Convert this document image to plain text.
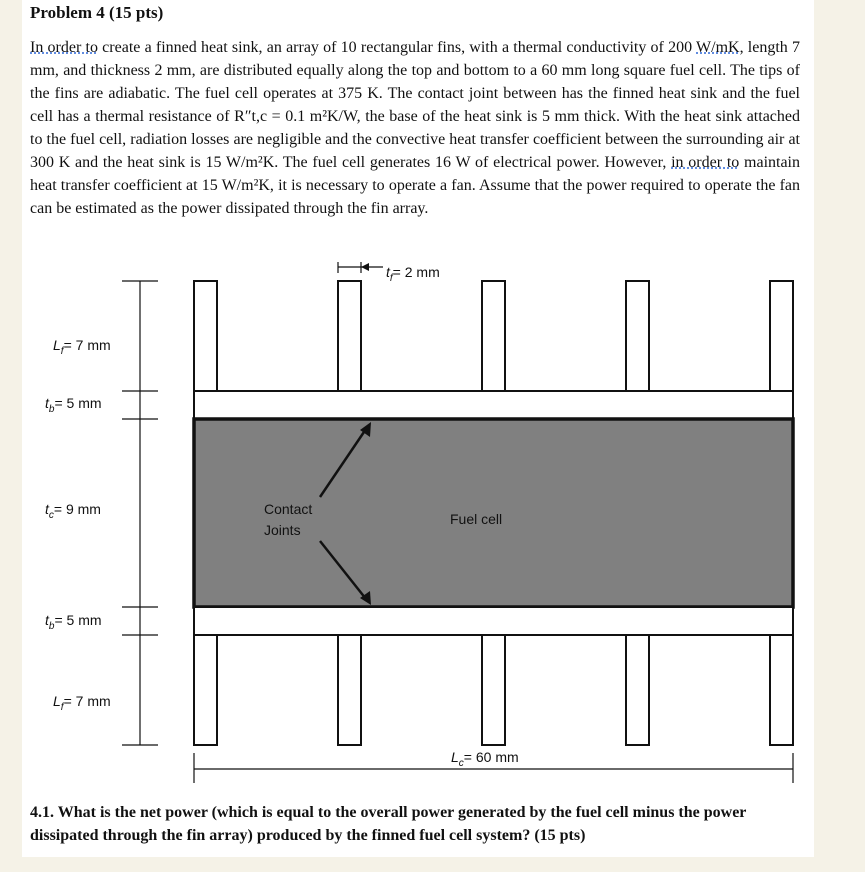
Problem 4 (15 pts)
In order to create a finned heat sink, an array of 10 rectangular fins, with a thermal conductivity of 200 W/mK, length 7 mm, and thickness 2 mm, are distributed equally along the top and bottom to a 60 mm long square fuel cell. The tips of the fins are adiabatic. The fuel cell operates at 375 K. The contact joint between has the finned heat sink and the fuel cell has a thermal resistance of R″t,c = 0.1 m²K/W, the base of the heat sink is 5 mm thick. With the heat sink attached to the fuel cell, radiation losses are negligible and the convective heat transfer coefficient between the surrounding air at 300 K and the heat sink is 15 W/m²K. The fuel cell generates 16 W of electrical power. However, in order to maintain heat transfer coefficient at 15 W/m²K, it is necessary to operate a fan. Assume that the power required to operate the fan can be estimated as the power dissipated through the fin array.
$t_f= 2$ mm
$L_f= 7$ mm
$t_b= 5$ mm
$t_c= 9$ mm
$t_b= 5$ mm
$L_f= 7$ mm
Contact
Joints
Fuel cell
$L_c= 60$ mm
4.1. What is the net power (which is equal to the overall power generated by the fuel cell minus the power dissipated through the fin array) produced by the finned fuel cell system? (15 pts)
